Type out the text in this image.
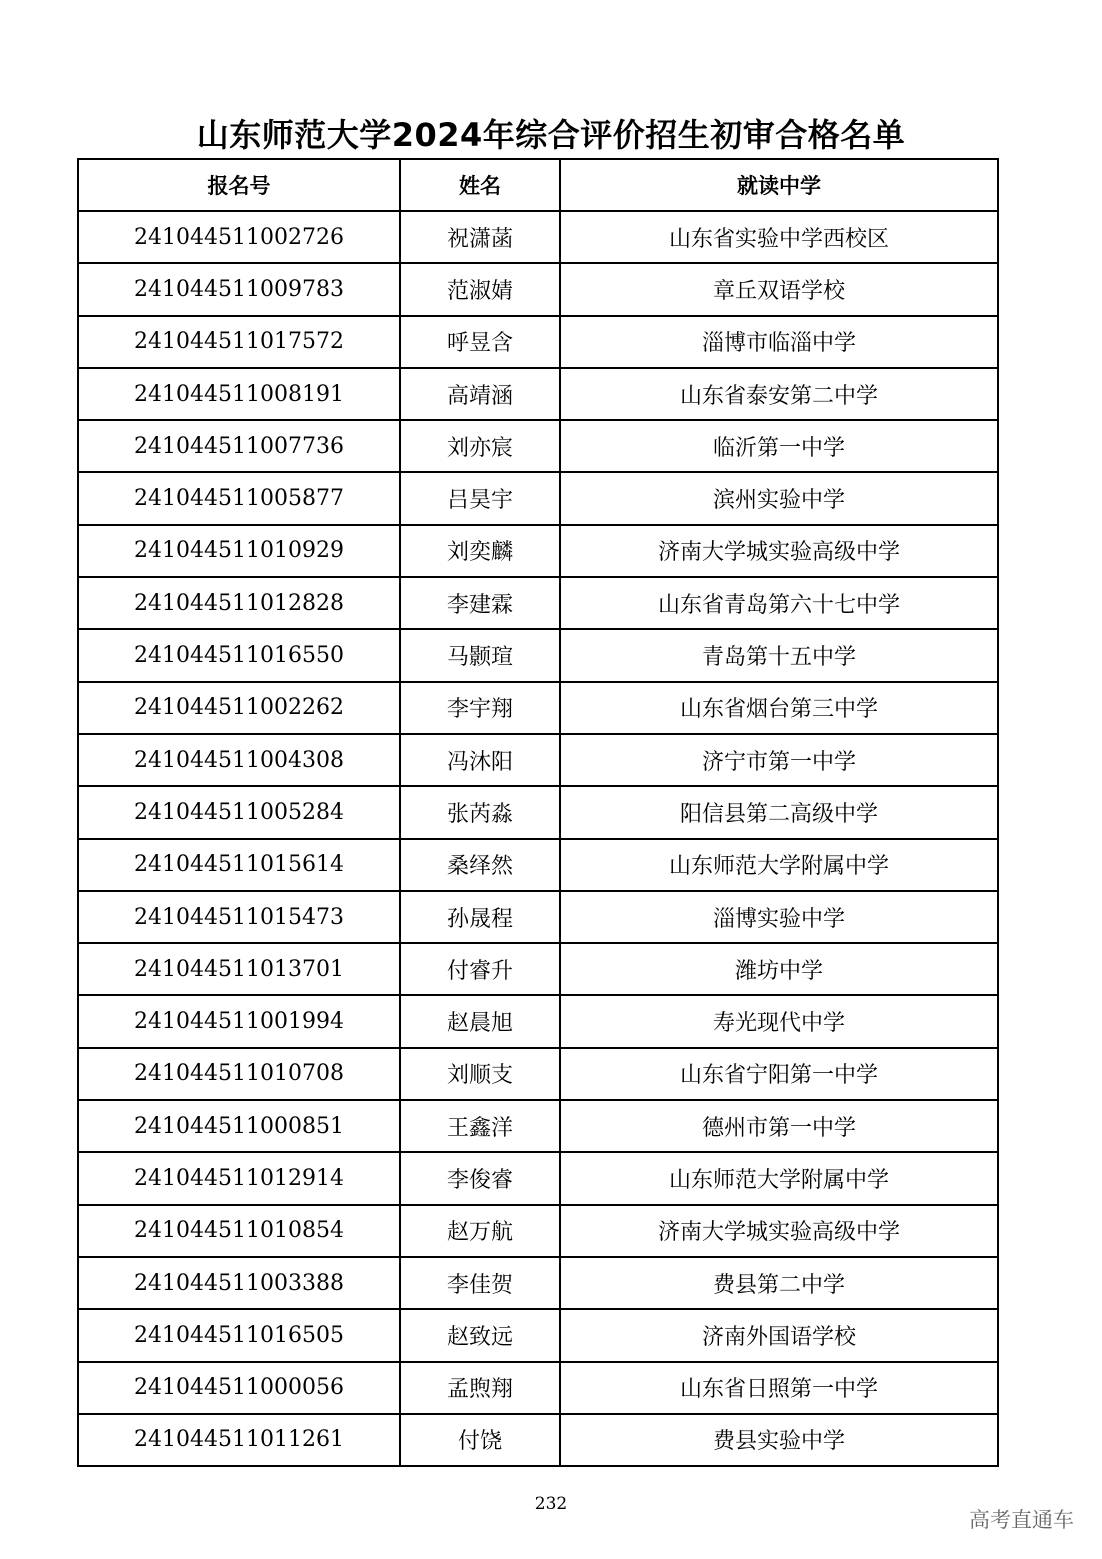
山东师范大学2024年综合评价招生初审合格名单
报名号	姓名	就读中学
241044511002726	祝潇菡	山东省实验中学西校区
241044511009783	范淑婧	章丘双语学校
241044511017572	呼昱含	淄博市临淄中学
241044511008191	高靖涵	山东省泰安第二中学
241044511007736	刘亦宸	临沂第一中学
241044511005877	吕昊宇	滨州实验中学
241044511010929	刘奕麟	济南大学城实验高级中学
241044511012828	李建霖	山东省青岛第六十七中学
241044511016550	马颢瑄	青岛第十五中学
241044511002262	李宇翔	山东省烟台第三中学
241044511004308	冯沐阳	济宁市第一中学
241044511005284	张芮淼	阳信县第二高级中学
241044511015614	桑绎然	山东师范大学附属中学
241044511015473	孙晟程	淄博实验中学
241044511013701	付睿升	潍坊中学
241044511001994	赵晨旭	寿光现代中学
241044511010708	刘顺支	山东省宁阳第一中学
241044511000851	王鑫洋	德州市第一中学
241044511012914	李俊睿	山东师范大学附属中学
241044511010854	赵万航	济南大学城实验高级中学
241044511003388	李佳贺	费县第二中学
241044511016505	赵致远	济南外国语学校
241044511000056	孟煦翔	山东省日照第一中学
241044511011261	付饶	费县实验中学
232
高考直通车
